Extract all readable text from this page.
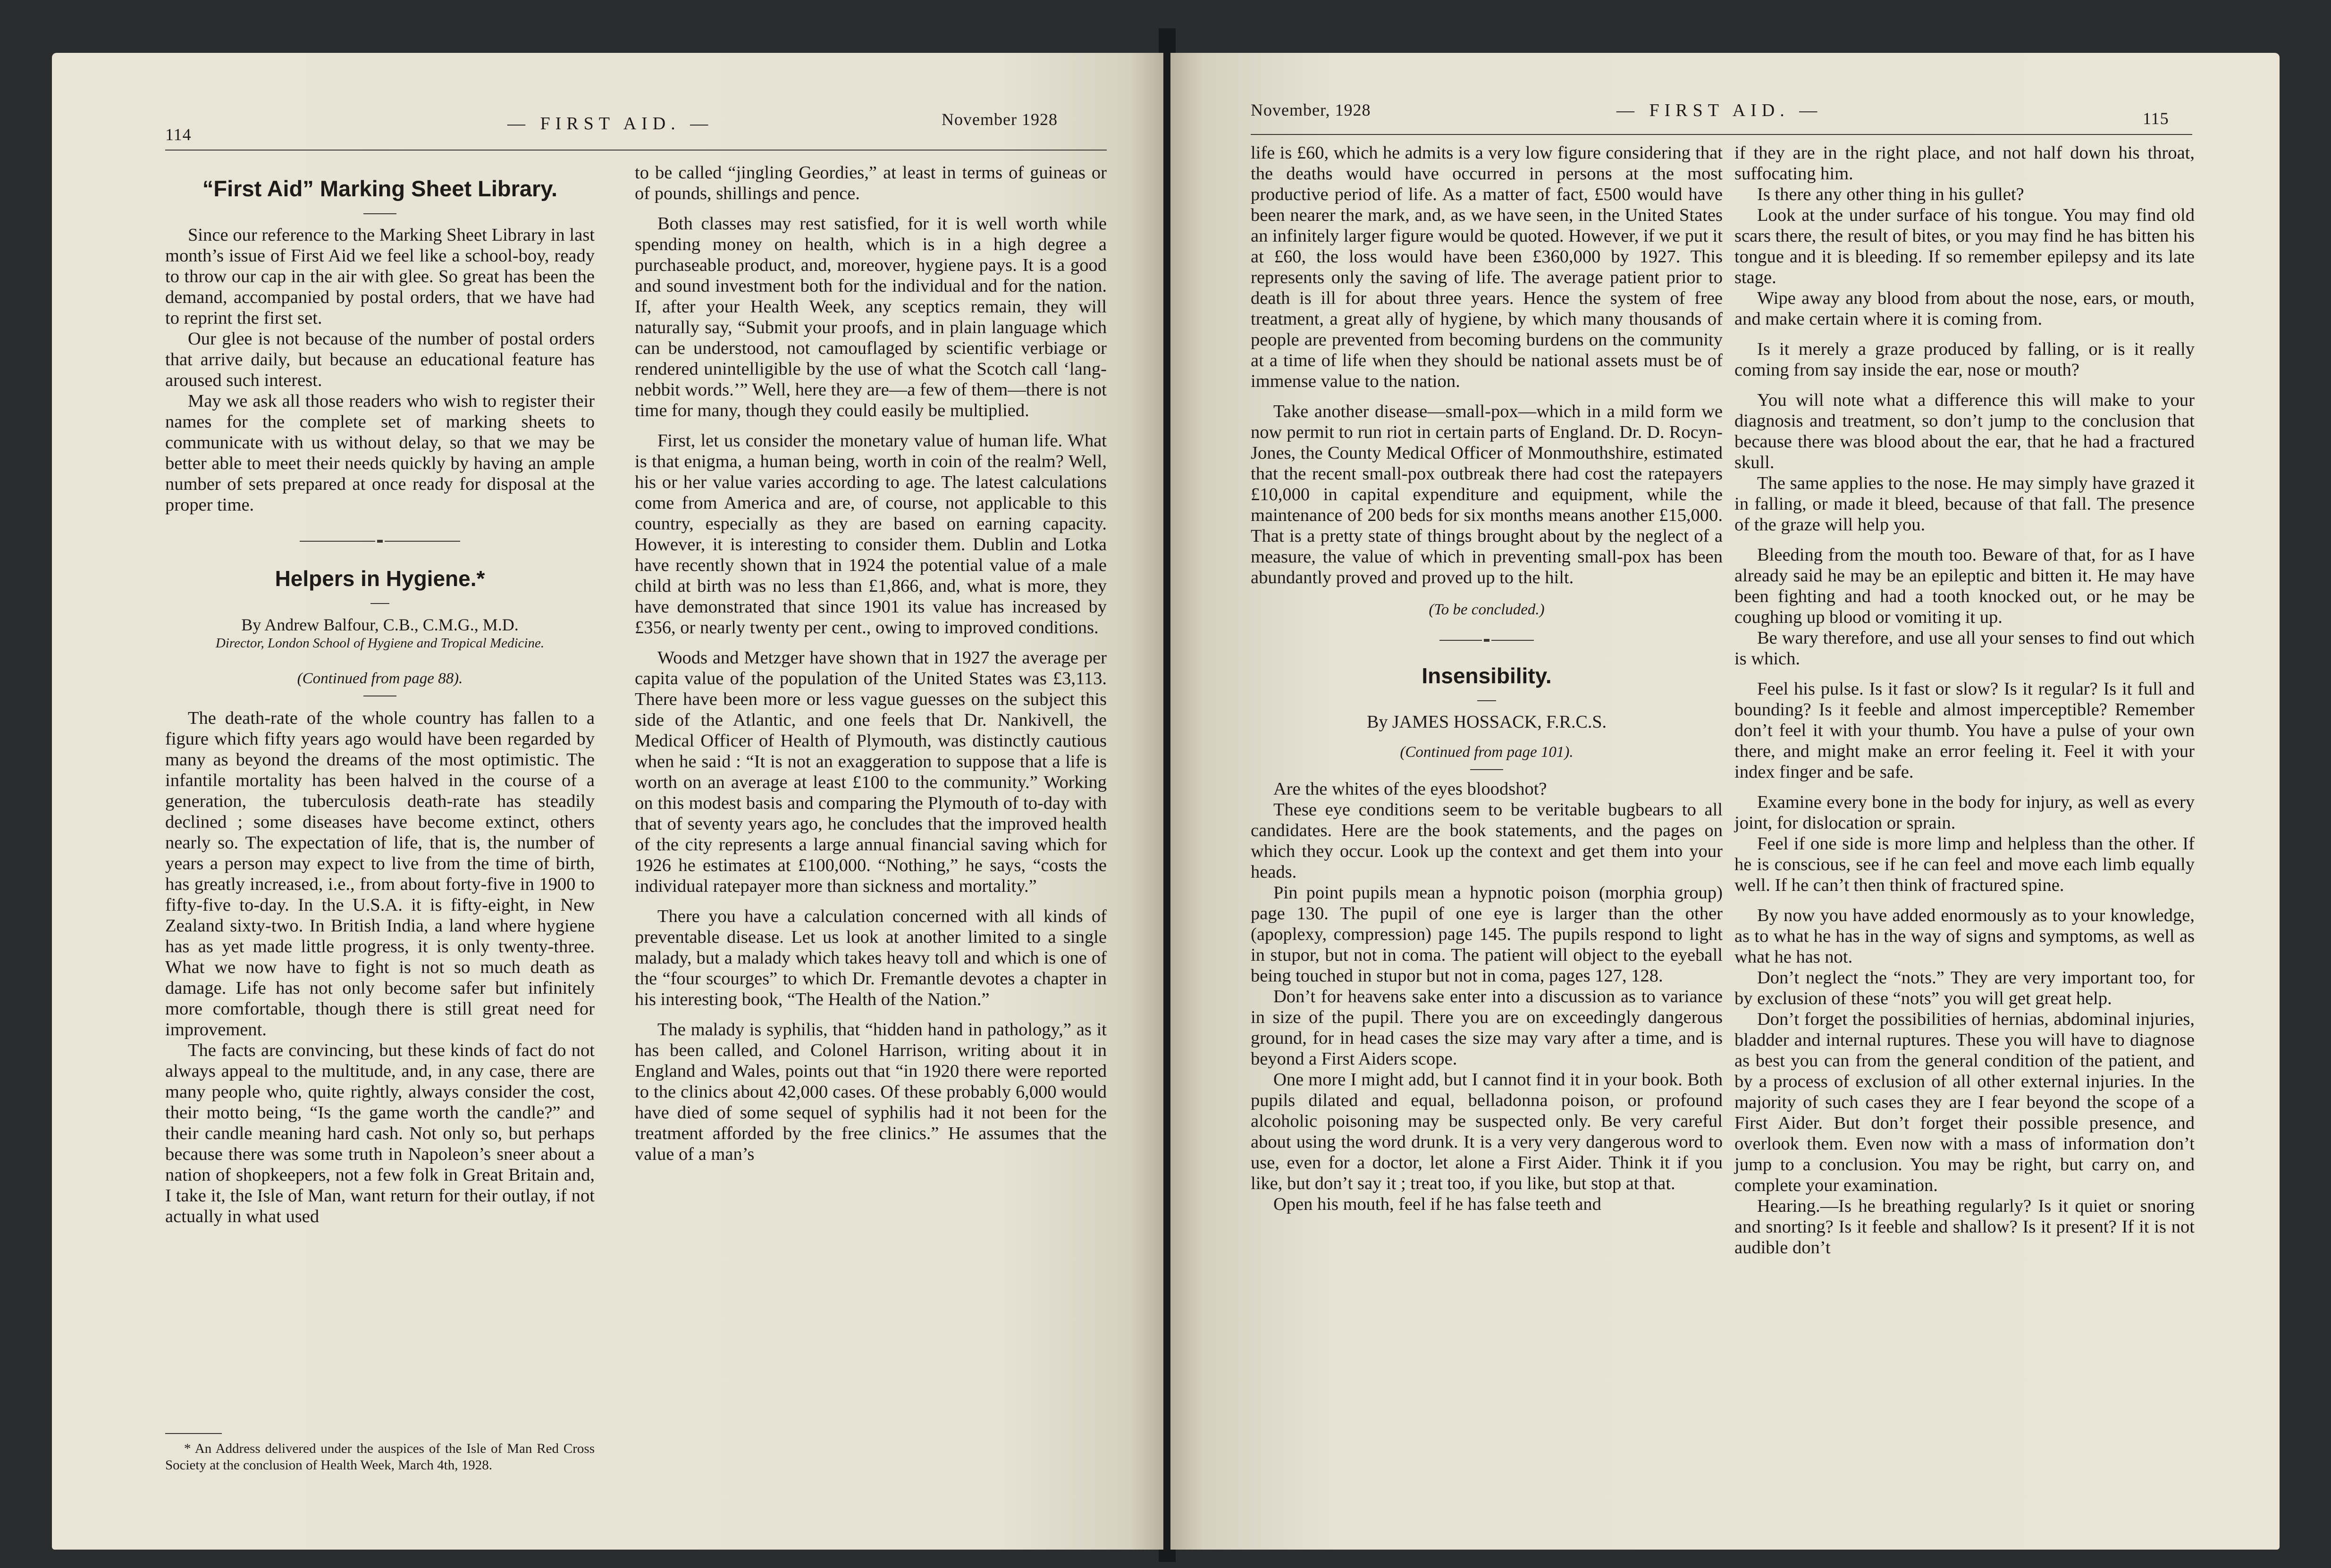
114
— FIRST AID. —	November 1928
“First Aid” Marking Sheet Library.

Since our reference to the Marking Sheet Library in last month’s issue of First Aid we feel like a school-boy, ready to throw our cap in the air with glee. So great has been the demand, accompanied by postal orders, that we have had to reprint the first set.

Our glee is not because of the number of postal orders that arrive daily, but because an educational feature has aroused such interest.

May we ask all those readers who wish to register their names for the complete set of marking sheets to communicate with us without delay, so that we may be better able to meet their needs quickly by having an ample number of sets prepared at once ready for disposal at the proper time.

Helpers in Hygiene.*

By Andrew Balfour, C.B., C.M.G., M.D.

Director, London School of Hygiene and Tropical Medicine.

(Continued from page 88).

The death-rate of the whole country has fallen to a figure which fifty years ago would have been regarded by many as beyond the dreams of the most optimistic. The infantile mortality has been halved in the course of a generation, the tuberculosis death-rate has steadily declined ; some diseases have become extinct, others nearly so. The expectation of life, that is, the number of years a person may expect to live from the time of birth, has greatly increased, i.e., from about forty-five in 1900 to fifty-five to-day. In the U.S.A. it is fifty-eight, in New Zealand sixty-two. In British India, a land where hygiene has as yet made little progress, it is only twenty-three. What we now have to fight is not so much death as damage. Life has not only become safer but infinitely more comfortable, though there is still great need for improvement.

The facts are convincing, but these kinds of fact do not always appeal to the multitude, and, in any case, there are many people who, quite rightly, always consider the cost, their motto being, “Is the game worth the candle?” and their candle meaning hard cash. Not only so, but perhaps because there was some truth in Napoleon’s sneer about a nation of shopkeepers, not a few folk in Great Britain and, I take it, the Isle of Man, want return for their outlay, if not actually in what used

* An Address delivered under the auspices of the Isle of Man Red Cross Society at the conclusion of Health Week, March 4th, 1928.

to be called “jingling Geordies,” at least in terms of guineas or of pounds, shillings and pence.

Both classes may rest satisfied, for it is well worth while spending money on health, which is in a high degree a purchaseable product, and, moreover, hygiene pays. It is a good and sound investment both for the individual and for the nation. If, after your Health Week, any sceptics remain, they will naturally say, “Submit your proofs, and in plain language which can be understood, not camouflaged by scientific verbiage or rendered unintelligible by the use of what the Scotch call ‘lang-nebbit words.’” Well, here they are—a few of them—there is not time for many, though they could easily be multiplied.

First, let us consider the monetary value of human life. What is that enigma, a human being, worth in coin of the realm? Well, his or her value varies according to age. The latest calculations come from America and are, of course, not applicable to this country, especially as they are based on earning capacity. However, it is interesting to consider them. Dublin and Lotka have recently shown that in 1924 the potential value of a male child at birth was no less than £1,866, and, what is more, they have demonstrated that since 1901 its value has increased by £356, or nearly twenty per cent., owing to improved conditions.

Woods and Metzger have shown that in 1927 the average per capita value of the population of the United States was £3,113. There have been more or less vague guesses on the subject this side of the Atlantic, and one feels that Dr. Nankivell, the Medical Officer of Health of Plymouth, was distinctly cautious when he said : “It is not an exaggeration to suppose that a life is worth on an average at least £100 to the community.” Working on this modest basis and comparing the Plymouth of to-day with that of seventy years ago, he concludes that the improved health of the city represents a large annual financial saving which for 1926 he estimates at £100,000. “Nothing,” he says, “costs the individual ratepayer more than sickness and mortality.”

There you have a calculation concerned with all kinds of preventable disease. Let us look at another limited to a single malady, but a malady which takes heavy toll and which is one of the “four scourges” to which Dr. Fremantle devotes a chapter in his interesting book, “The Health of the Nation.”

The malady is syphilis, that “hidden hand in pathology,” as it has been called, and Colonel Harrison, writing about it in England and Wales, points out that “in 1920 there were reported to the clinics about 42,000 cases. Of these probably 6,000 would have died of some sequel of syphilis had it not been for the treatment afforded by the free clinics.” He assumes that the value of a man’s

November, 1928	— FIRST AID. —	115

life is £60, which he admits is a very low figure considering that the deaths would have occurred in persons at the most productive period of life. As a matter of fact, £500 would have been nearer the mark, and, as we have seen, in the United States an infinitely larger figure would be quoted. However, if we put it at £60, the loss would have been £360,000 by 1927. This represents only the saving of life. The average patient prior to death is ill for about three years. Hence the system of free treatment, a great ally of hygiene, by which many thousands of people are prevented from becoming burdens on the community at a time of life when they should be national assets must be of immense value to the nation.

Take another disease—small-pox—which in a mild form we now permit to run riot in certain parts of England. Dr. D. Rocyn-Jones, the County Medical Officer of Monmouthshire, estimated that the recent small-pox outbreak there had cost the ratepayers £10,000 in capital expenditure and equipment, while the maintenance of 200 beds for six months means another £15,000. That is a pretty state of things brought about by the neglect of a measure, the value of which in preventing small-pox has been abundantly proved and proved up to the hilt.

(To be concluded.)

Insensibility.

By JAMES HOSSACK, F.R.C.S.

(Continued from page 101).

Are the whites of the eyes bloodshot?

These eye conditions seem to be veritable bugbears to all candidates. Here are the book statements, and the pages on which they occur. Look up the context and get them into your heads.

Pin point pupils mean a hypnotic poison (morphia group) page 130. The pupil of one eye is larger than the other (apoplexy, compression) page 145. The pupils respond to light in stupor, but not in coma. The patient will object to the eyeball being touched in stupor but not in coma, pages 127, 128.

Don’t for heavens sake enter into a discussion as to variance in size of the pupil. There you are on exceedingly dangerous ground, for in head cases the size may vary after a time, and is beyond a First Aiders scope.

One more I might add, but I cannot find it in your book. Both pupils dilated and equal, belladonna poison, or profound alcoholic poisoning may be suspected only. Be very careful about using the word drunk. It is a very very dangerous word to use, even for a doctor, let alone a First Aider. Think it if you like, but don’t say it ; treat too, if you like, but stop at that.

Open his mouth, feel if he has false teeth and

if they are in the right place, and not half down his throat, suffocating him.

Is there any other thing in his gullet?

Look at the under surface of his tongue. You may find old scars there, the result of bites, or you may find he has bitten his tongue and it is bleeding. If so remember epilepsy and its late stage.

Wipe away any blood from about the nose, ears, or mouth, and make certain where it is coming from.

Is it merely a graze produced by falling, or is it really coming from say inside the ear, nose or mouth?

You will note what a difference this will make to your diagnosis and treatment, so don’t jump to the conclusion that because there was blood about the ear, that he had a fractured skull.

The same applies to the nose. He may simply have grazed it in falling, or made it bleed, because of that fall. The presence of the graze will help you.

Bleeding from the mouth too. Beware of that, for as I have already said he may be an epileptic and bitten it. He may have been fighting and had a tooth knocked out, or he may be coughing up blood or vomiting it up.

Be wary therefore, and use all your senses to find out which is which.

Feel his pulse. Is it fast or slow? Is it regular? Is it full and bounding? Is it feeble and almost imperceptible? Remember don’t feel it with your thumb. You have a pulse of your own there, and might make an error feeling it. Feel it with your index finger and be safe.

Examine every bone in the body for injury, as well as every joint, for dislocation or sprain.

Feel if one side is more limp and helpless than the other. If he is conscious, see if he can feel and move each limb equally well. If he can’t then think of fractured spine.

By now you have added enormously as to your knowledge, as to what he has in the way of signs and symptoms, as well as what he has not.

Don’t neglect the “nots.” They are very important too, for by exclusion of these “nots” you will get great help.

Don’t forget the possibilities of hernias, abdominal injuries, bladder and internal ruptures. These you will have to diagnose as best you can from the general condition of the patient, and by a process of exclusion of all other external injuries. In the majority of such cases they are I fear beyond the scope of a First Aider. But don’t forget their possible presence, and overlook them. Even now with a mass of information don’t jump to a conclusion. You may be right, but carry on, and complete your examination.

Hearing.—Is he breathing regularly? Is it quiet or snoring and snorting? Is it feeble and shallow? Is it present? If it is not audible don’t
